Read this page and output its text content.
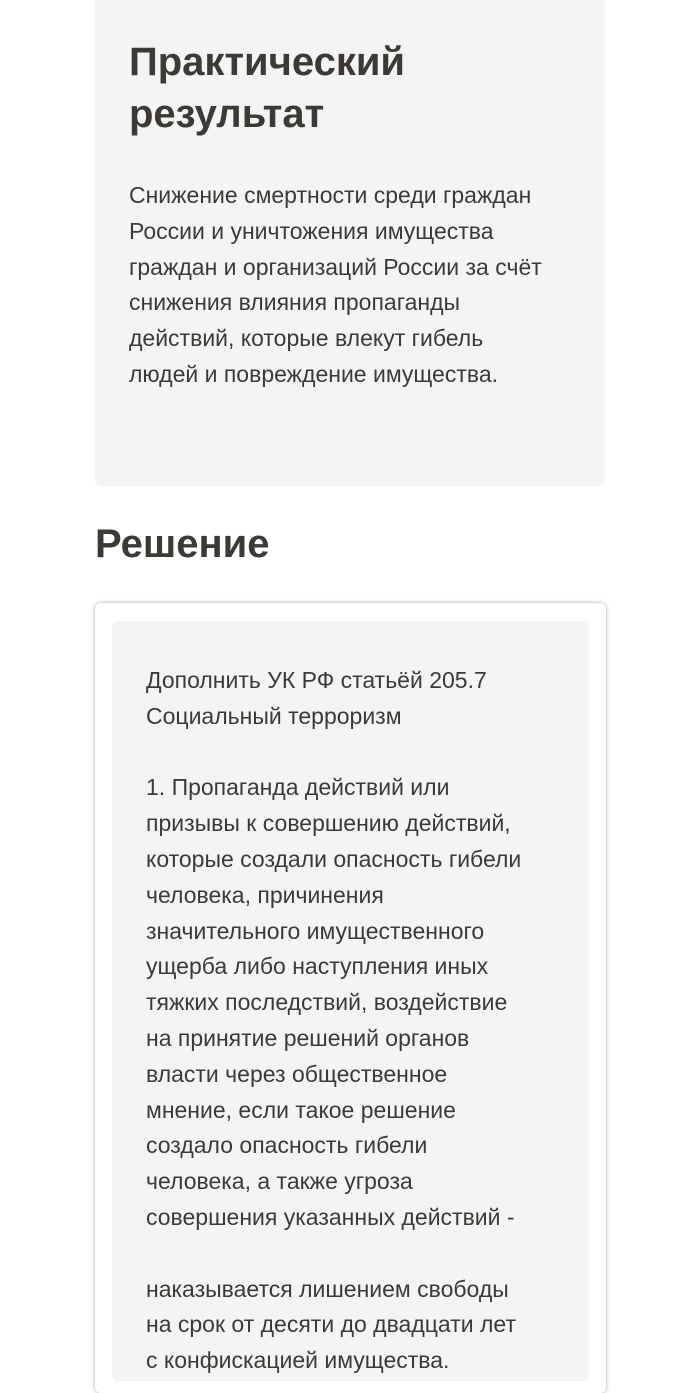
Практический
результат

Снижение смертности среди граждан
России и уничтожения имущества
граждан и организаций России за счёт
снижения влияния пропаганды
действий, которые влекут гибель
людей и повреждение имущества.

Решение

Дополнить УК РФ статьёй 205.7
Социальный терроризм

1. Пропаганда действий или
призывы к совершению действий,
которые создали опасность гибели
человека, причинения
значительного имущественного
ущерба либо наступления иных
тяжких последствий, воздействие
на принятие решений органов
власти через общественное
мнение, если такое решение
создало опасность гибели
человека, а также угроза
совершения указанных действий -

наказывается лишением свободы
на срок от десяти до двадцати лет
с конфискацией имущества.
